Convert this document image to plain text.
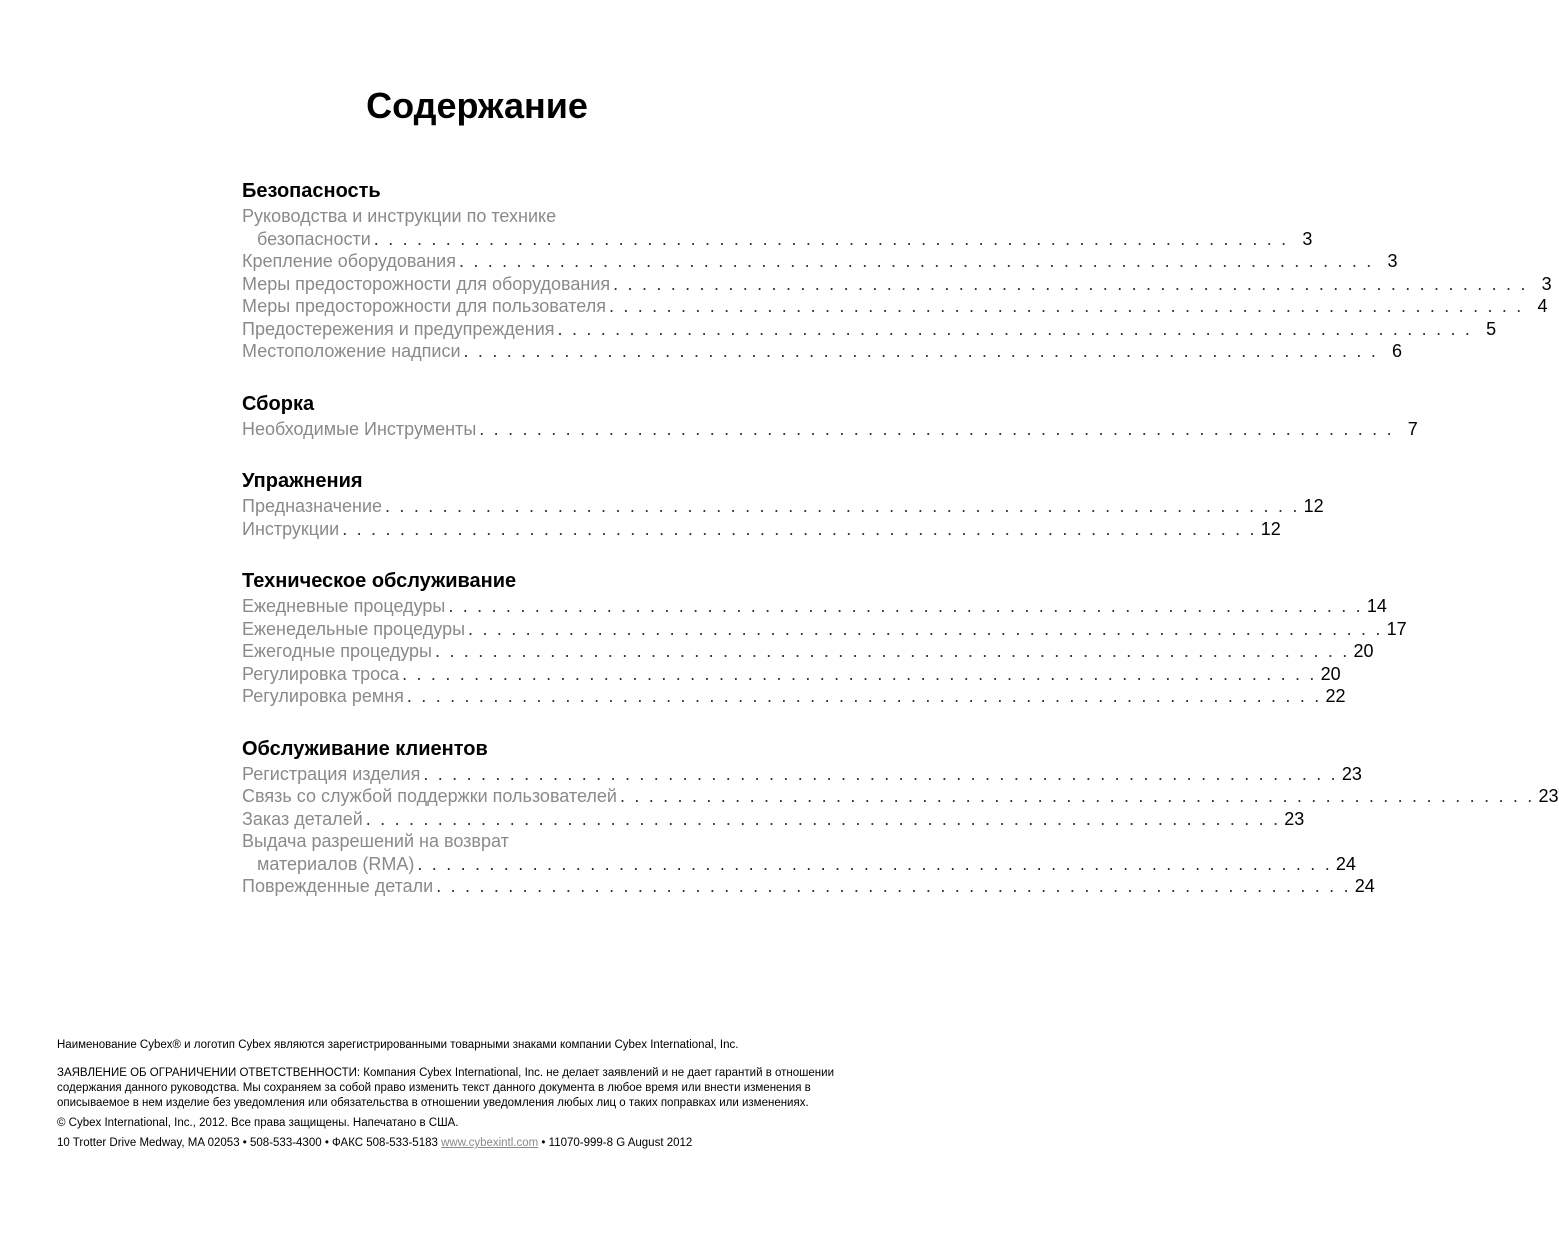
Содержание
Безопасность
Руководства и инструкции по технике
безопасности . . . . . . . . . . . . . . . . . . . . . . . . . . . . . . . . . . . . . . . . . . . . . . . . . . . . . . . . . . . . . . . . 3
Крепление оборудования . . . . . . . . . . . . . . . . . . . . . . . . . . . . . . . . . . . . . . . . . . . . . . . . . . . . . . . . . . . . . . . . 3
Меры предосторожности для оборудования . . . . . . . . . . . . . . . . . . . . . . . . . . . . . . . . . . . . . . . . . . . . . . . . . . . . . . . . . . . . . . . . 3
Меры предосторожности для пользователя . . . . . . . . . . . . . . . . . . . . . . . . . . . . . . . . . . . . . . . . . . . . . . . . . . . . . . . . . . . . . . . . 4
Предостережения и предупреждения . . . . . . . . . . . . . . . . . . . . . . . . . . . . . . . . . . . . . . . . . . . . . . . . . . . . . . . . . . . . . . . . 5
Местоположение надписи . . . . . . . . . . . . . . . . . . . . . . . . . . . . . . . . . . . . . . . . . . . . . . . . . . . . . . . . . . . . . . . . 6
Сборка
Необходимые Инструменты . . . . . . . . . . . . . . . . . . . . . . . . . . . . . . . . . . . . . . . . . . . . . . . . . . . . . . . . . . . . . . . . 7
Упражнения
Предназначение . . . . . . . . . . . . . . . . . . . . . . . . . . . . . . . . . . . . . . . . . . . . . . . . . . . . . . . . . . . . . . . . 12
Инструкции . . . . . . . . . . . . . . . . . . . . . . . . . . . . . . . . . . . . . . . . . . . . . . . . . . . . . . . . . . . . . . . . 12
Техническое обслуживание
Ежедневные процедуры . . . . . . . . . . . . . . . . . . . . . . . . . . . . . . . . . . . . . . . . . . . . . . . . . . . . . . . . . . . . . . . . 14
Еженедельные процедуры . . . . . . . . . . . . . . . . . . . . . . . . . . . . . . . . . . . . . . . . . . . . . . . . . . . . . . . . . . . . . . . . 17
Ежегодные процедуры . . . . . . . . . . . . . . . . . . . . . . . . . . . . . . . . . . . . . . . . . . . . . . . . . . . . . . . . . . . . . . . . 20
Регулировка троса . . . . . . . . . . . . . . . . . . . . . . . . . . . . . . . . . . . . . . . . . . . . . . . . . . . . . . . . . . . . . . . . 20
Регулировка ремня . . . . . . . . . . . . . . . . . . . . . . . . . . . . . . . . . . . . . . . . . . . . . . . . . . . . . . . . . . . . . . . . 22
Обслуживание клиентов
Регистрация изделия . . . . . . . . . . . . . . . . . . . . . . . . . . . . . . . . . . . . . . . . . . . . . . . . . . . . . . . . . . . . . . . . 23
Связь со службой поддержки пользователей . . . . . . . . . . . . . . . . . . . . . . . . . . . . . . . . . . . . . . . . . . . . . . . . . . . . . . . . . . . . . . . . 23
Заказ деталей . . . . . . . . . . . . . . . . . . . . . . . . . . . . . . . . . . . . . . . . . . . . . . . . . . . . . . . . . . . . . . . . 23
Выдача разрешений на возврат
материалов (RMA) . . . . . . . . . . . . . . . . . . . . . . . . . . . . . . . . . . . . . . . . . . . . . . . . . . . . . . . . . . . . . . . . 24
Поврежденные детали . . . . . . . . . . . . . . . . . . . . . . . . . . . . . . . . . . . . . . . . . . . . . . . . . . . . . . . . . . . . . . . . 24

Наименование Cybex® и логотип Cybex являются зарегистрированными товарными знаками компании Cybex International, Inc.

ЗАЯВЛЕНИЕ ОБ ОГРАНИЧЕНИИ ОТВЕТСТВЕННОСТИ: Компания Cybex International, Inc. не делает заявлений и не дает гарантий в отношении содержания данного руководства. Мы сохраняем за собой право изменить текст данного документа в любое время или внести изменения в описываемое в нем изделие без уведомления или обязательства в отношении уведомления любых лиц о таких поправках или изменениях.

© Cybex International, Inc., 2012. Все права защищены. Напечатано в США.

10 Trotter Drive Medway, MA 02053 • 508-533-4300 • ФАКС 508-533-5183 www.cybexintl.com • 11070-999-8 G August 2012
